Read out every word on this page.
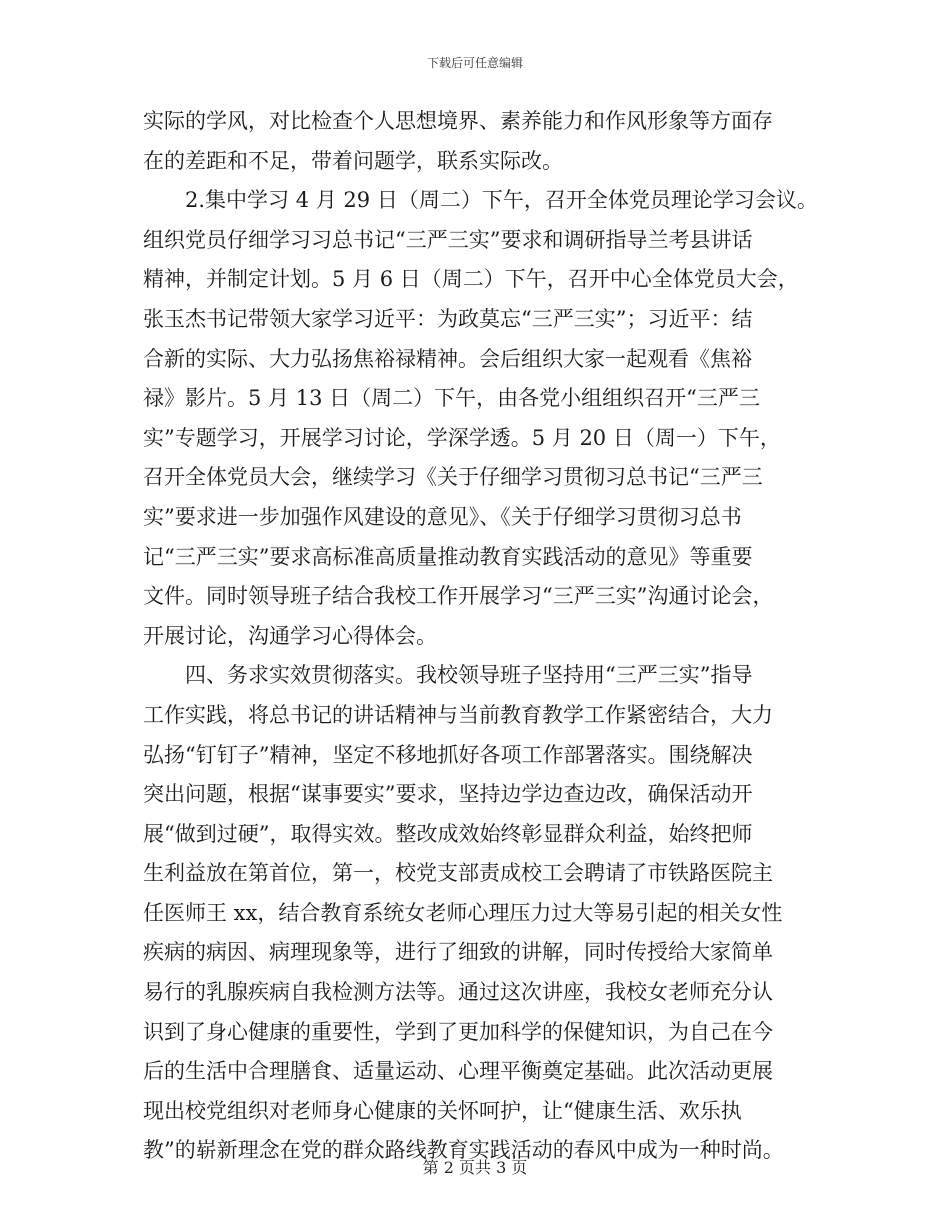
下载后可任意编辑
实际的学风，对比检查个人思想境界、素养能力和作风形象等方面存
在的差距和不足，带着问题学，联系实际改。
2.集中学习 4 月 29 日（周二）下午，召开全体党员理论学习会议。
组织党员仔细学习习总书记“三严三实”要求和调研指导兰考县讲话
精神，并制定计划。5 月 6 日（周二）下午，召开中心全体党员大会，
张玉杰书记带领大家学习近平：为政莫忘“三严三实”；习近平：结
合新的实际、大力弘扬焦裕禄精神。会后组织大家一起观看《焦裕
禄》影片。5 月 13 日（周二）下午，由各党小组组织召开“三严三
实”专题学习，开展学习讨论，学深学透。5 月 20 日（周一）下午，
召开全体党员大会，继续学习《关于仔细学习贯彻习总书记“三严三
实”要求进一步加强作风建设的意见》、《关于仔细学习贯彻习总书
记“三严三实”要求高标准高质量推动教育实践活动的意见》等重要
文件。同时领导班子结合我校工作开展学习“三严三实”沟通讨论会，
开展讨论，沟通学习心得体会。
四、务求实效贯彻落实。我校领导班子坚持用“三严三实”指导
工作实践，将总书记的讲话精神与当前教育教学工作紧密结合，大力
弘扬“钉钉子”精神，坚定不移地抓好各项工作部署落实。围绕解决
突出问题，根据“谋事要实”要求，坚持边学边查边改，确保活动开
展“做到过硬”，取得实效。整改成效始终彰显群众利益，始终把师
生利益放在第首位，第一，校党支部责成校工会聘请了市铁路医院主
任医师王 xx，结合教育系统女老师心理压力过大等易引起的相关女性
疾病的病因、病理现象等，进行了细致的讲解，同时传授给大家简单
易行的乳腺疾病自我检测方法等。通过这次讲座，我校女老师充分认
识到了身心健康的重要性，学到了更加科学的保健知识，为自己在今
后的生活中合理膳食、适量运动、心理平衡奠定基础。此次活动更展
现出校党组织对老师身心健康的关怀呵护，让“健康生活、欢乐执
教”的崭新理念在党的群众路线教育实践活动的春风中成为一种时尚。
第 2 页共 3 页
